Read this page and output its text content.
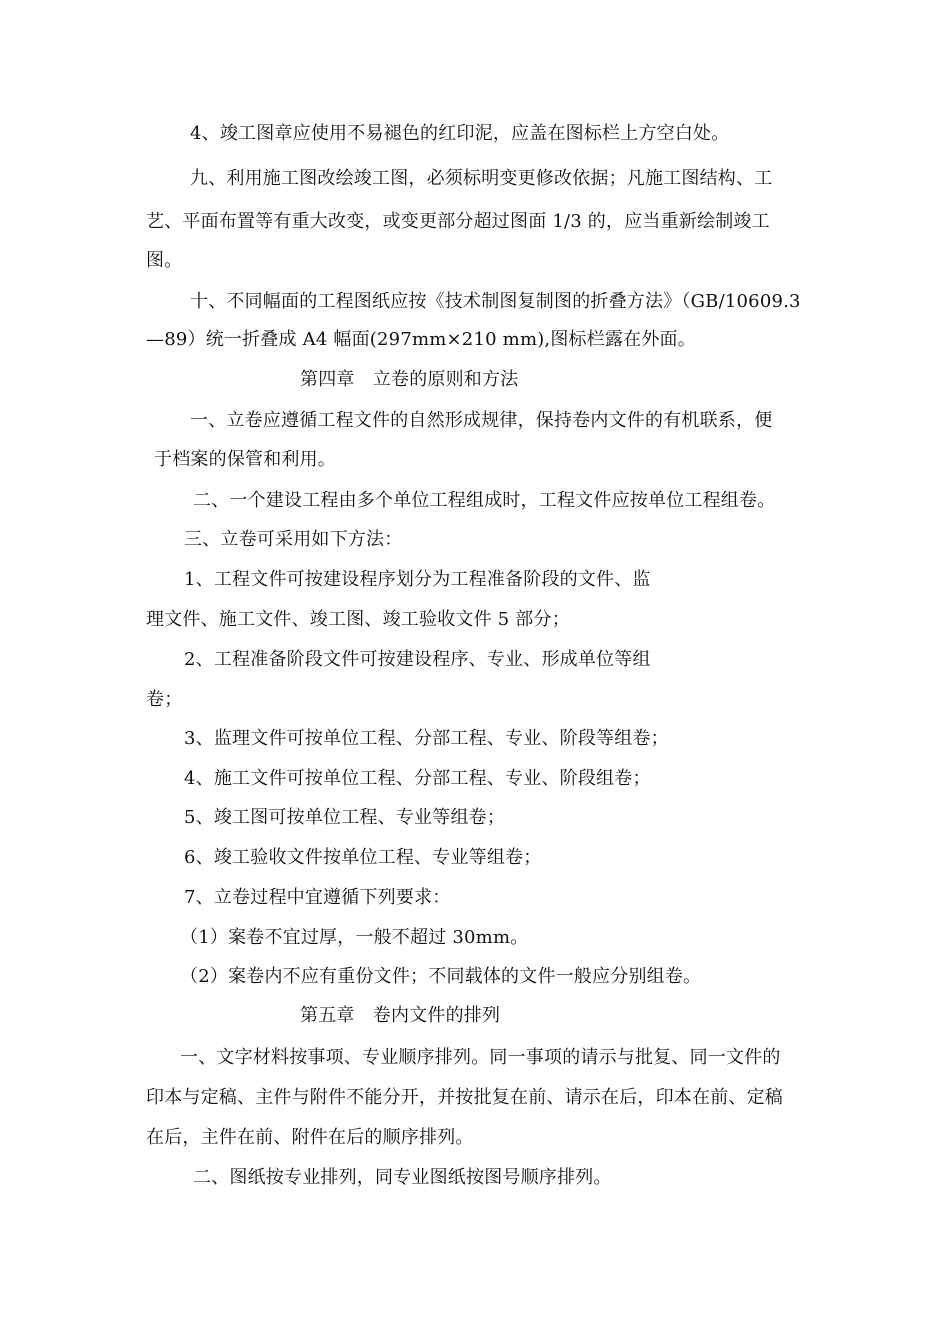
4、竣工图章应使用不易褪色的红印泥，应盖在图标栏上方空白处。
九、利用施工图改绘竣工图，必须标明变更修改依据；凡施工图结构、工
艺、平面布置等有重大改变，或变更部分超过图面 1/3 的，应当重新绘制竣工
图。
十、不同幅面的工程图纸应按《技术制图复制图的折叠方法》（GB/10609.3
—89）统一折叠成 A4 幅面(297mm×210 mm),图标栏露在外面。
第四章　立卷的原则和方法
一、立卷应遵循工程文件的自然形成规律，保持卷内文件的有机联系，便
于档案的保管和利用。
二、一个建设工程由多个单位工程组成时，工程文件应按单位工程组卷。
三、立卷可采用如下方法：
1、工程文件可按建设程序划分为工程准备阶段的文件、监
理文件、施工文件、竣工图、竣工验收文件 5 部分；
2、工程准备阶段文件可按建设程序、专业、形成单位等组
卷；
3、监理文件可按单位工程、分部工程、专业、阶段等组卷；
4、施工文件可按单位工程、分部工程、专业、阶段组卷；
5、竣工图可按单位工程、专业等组卷；
6、竣工验收文件按单位工程、专业等组卷；
7、立卷过程中宜遵循下列要求：
（1）案卷不宜过厚，一般不超过 30mm。
（2）案卷内不应有重份文件；不同载体的文件一般应分别组卷。
第五章　卷内文件的排列
一、文字材料按事项、专业顺序排列。同一事项的请示与批复、同一文件的
印本与定稿、主件与附件不能分开，并按批复在前、请示在后，印本在前、定稿
在后，主件在前、附件在后的顺序排列。
二、图纸按专业排列，同专业图纸按图号顺序排列。
